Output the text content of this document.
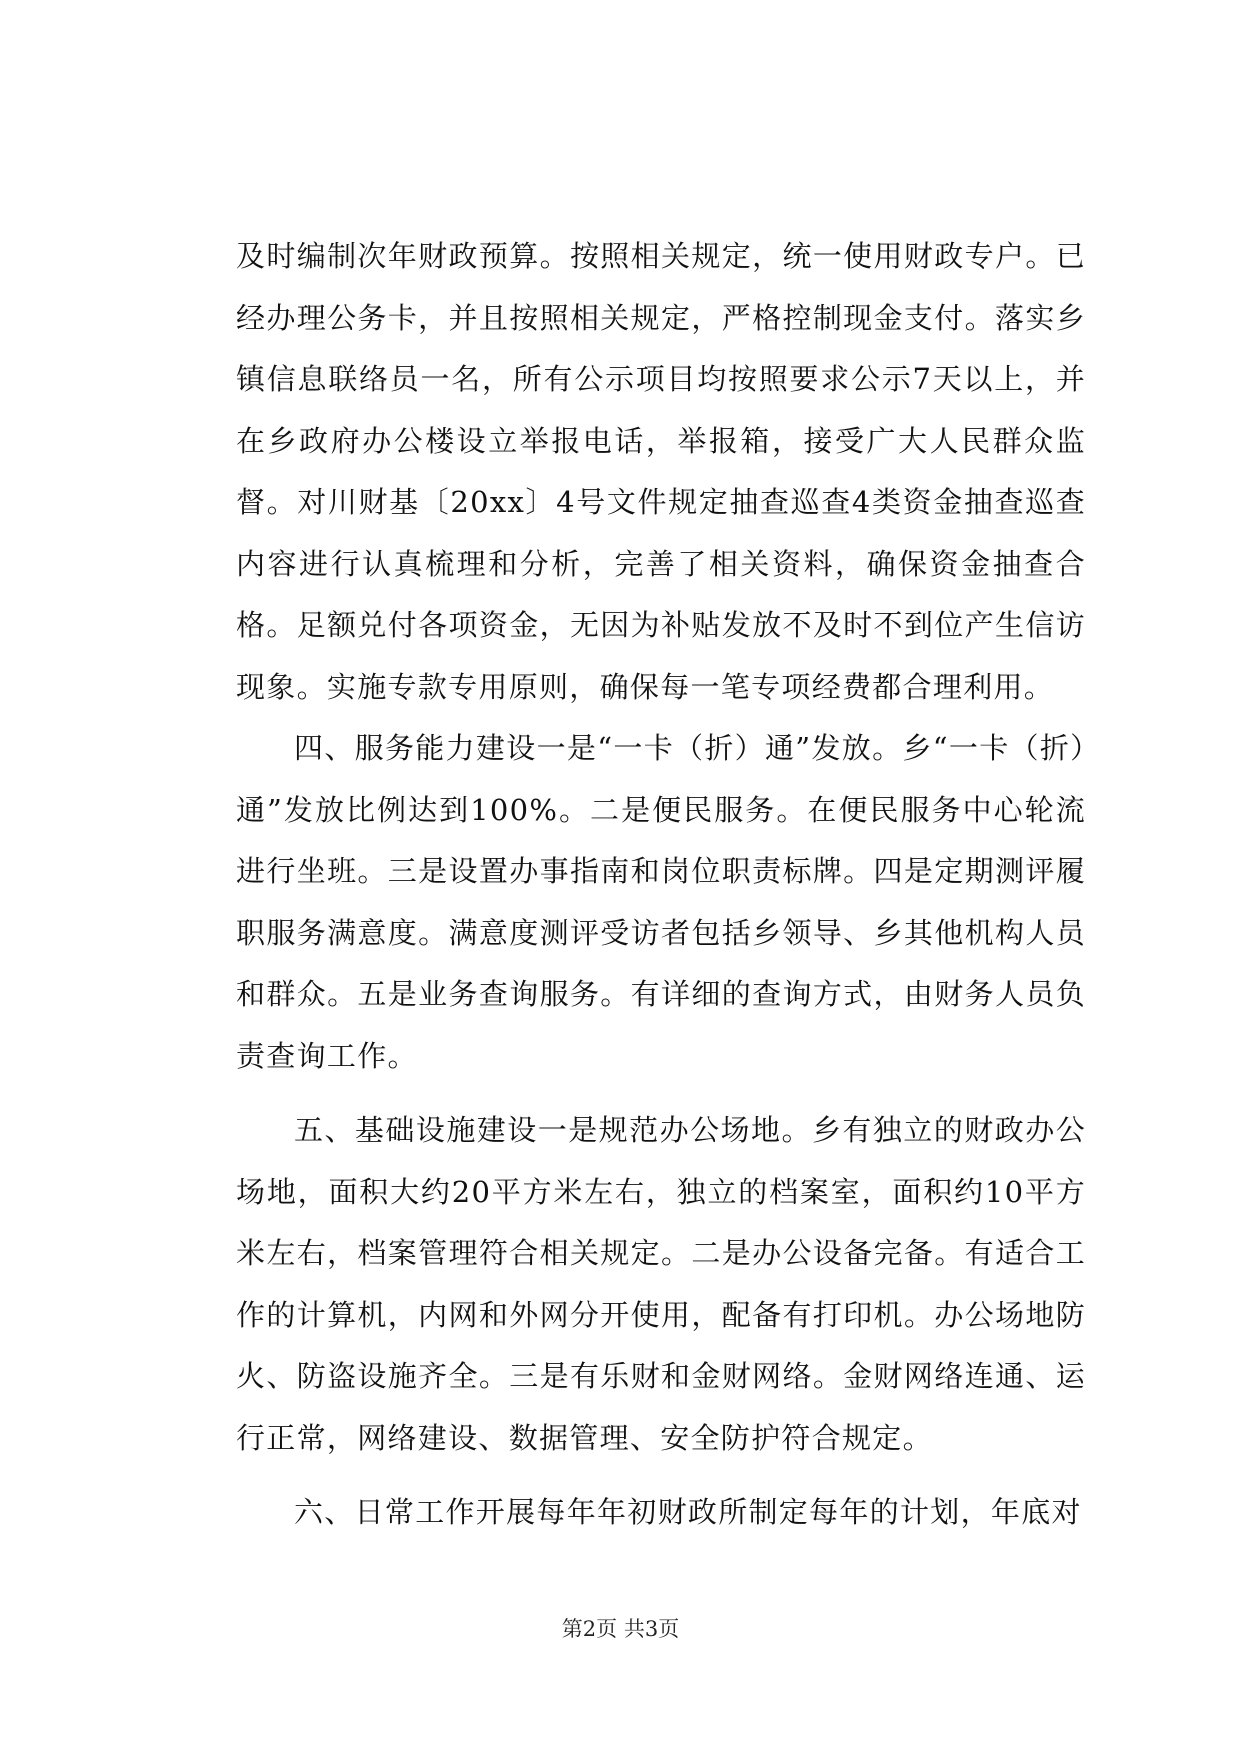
及时编制次年财政预算。按照相关规定，统一使用财政专户。已经办理公务卡，并且按照相关规定，严格控制现金支付。落实乡镇信息联络员一名，所有公示项目均按照要求公示7天以上，并在乡政府办公楼设立举报电话，举报箱，接受广大人民群众监督。对川财基〔20xx〕4号文件规定抽查巡查4类资金抽查巡查内容进行认真梳理和分析，完善了相关资料，确保资金抽查合格。足额兑付各项资金，无因为补贴发放不及时不到位产生信访现象。实施专款专用原则，确保每一笔专项经费都合理利用。

四、服务能力建设一是“一卡（折）通”发放。乡“一卡（折）通”发放比例达到100%。二是便民服务。在便民服务中心轮流进行坐班。三是设置办事指南和岗位职责标牌。四是定期测评履职服务满意度。满意度测评受访者包括乡领导、乡其他机构人员和群众。五是业务查询服务。有详细的查询方式，由财务人员负责查询工作。

五、基础设施建设一是规范办公场地。乡有独立的财政办公场地，面积大约20平方米左右，独立的档案室，面积约10平方米左右，档案管理符合相关规定。二是办公设备完备。有适合工作的计算机，内网和外网分开使用，配备有打印机。办公场地防火、防盗设施齐全。三是有乐财和金财网络。金财网络连通、运行正常，网络建设、数据管理、安全防护符合规定。

六、日常工作开展每年年初财政所制定每年的计划，年底对

第2页 共3页
